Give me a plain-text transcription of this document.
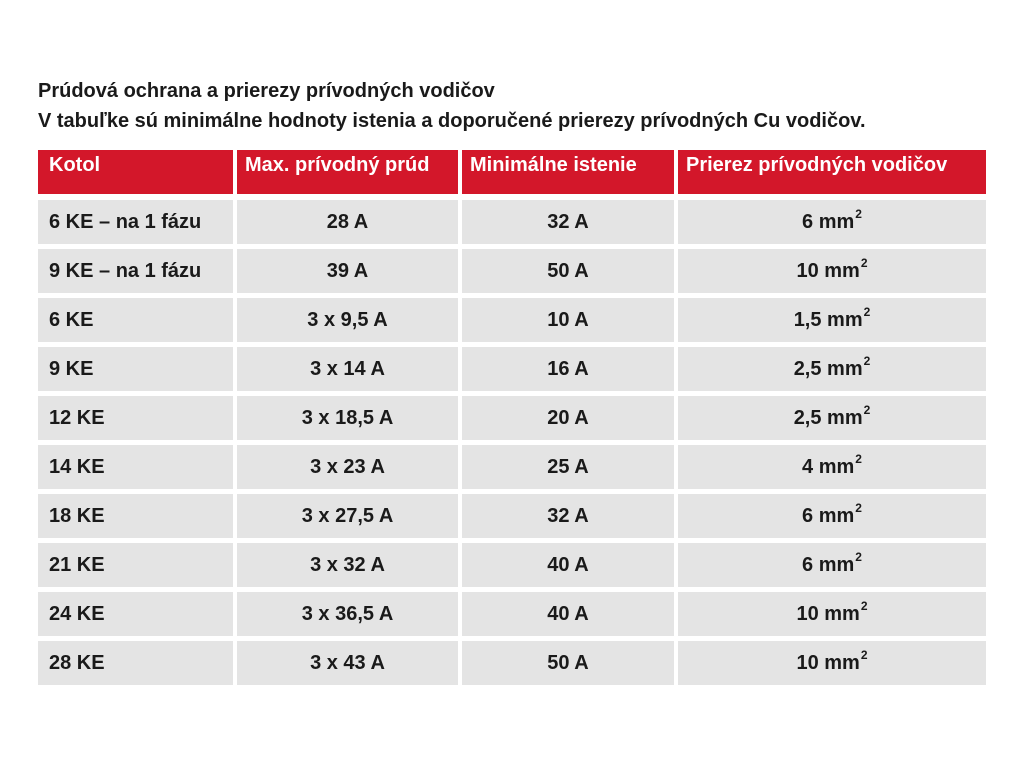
Prúdová ochrana a prierezy prívodných vodičov
V tabuľke sú minimálne hodnoty istenia a doporučené prierezy prívodných Cu vodičov.
Kotol	Max. prívodný prúd	Minimálne istenie	Prierez prívodných vodičov
6 KE – na 1 fázu	28 A	32 A	6 mm 2
9 KE – na 1 fázu	39 A	50 A	10 mm 2
6 KE	3 x 9,5 A	10 A	1,5 mm 2
9 KE	3 x 14 A	16 A	2,5 mm 2
12 KE	3 x 18,5 A	20 A	2,5 mm 2
14 KE	3 x 23 A	25 A	4 mm 2
18 KE	3 x 27,5 A	32 A	6 mm 2
21 KE	3 x 32 A	40 A	6 mm 2
24 KE	3 x 36,5 A	40 A	10 mm 2
28 KE	3 x 43 A	50 A	10 mm 2
